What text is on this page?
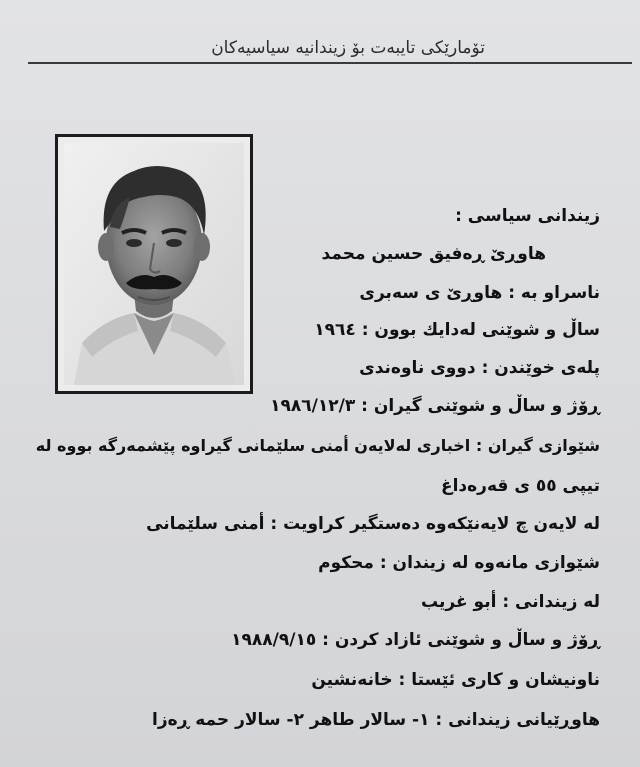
تۆمارێکی تایبەت بۆ زیندانیە سیاسیەکان
زیندانی سیاسی :
هاوڕێ ڕەفیق حسین محمد
ناسراو بە : هاوڕێ ی سەبری
ساڵ و شوێنی لەدایك بوون : ١٩٦٤
پلەی خوێندن : دووی ناوەندی
ڕۆژ و ساڵ و شوێنی گیران : ١٩٨٦/١٢/٣
شێوازی گیران : اخباری لەلایەن أمنی سلێمانی گیراوە پێشمەرگە بووە لە
تیپی ٥٥ ی قەرەداغ
لە لایەن چ لایەنێکەوە دەستگیر کراویت : أمنی سلێمانی
شێوازی مانەوە لە زیندان : محکوم
لە زیندانی : أبو غریب
ڕۆژ و ساڵ و شوێنی ئازاد کردن : ١٩٨٨/٩/١٥
ناونیشان و کاری ئێستا : خانەنشین
هاوڕێیانی زیندانی : ١- سالار طاهر ٢- سالار حمە ڕەزا
